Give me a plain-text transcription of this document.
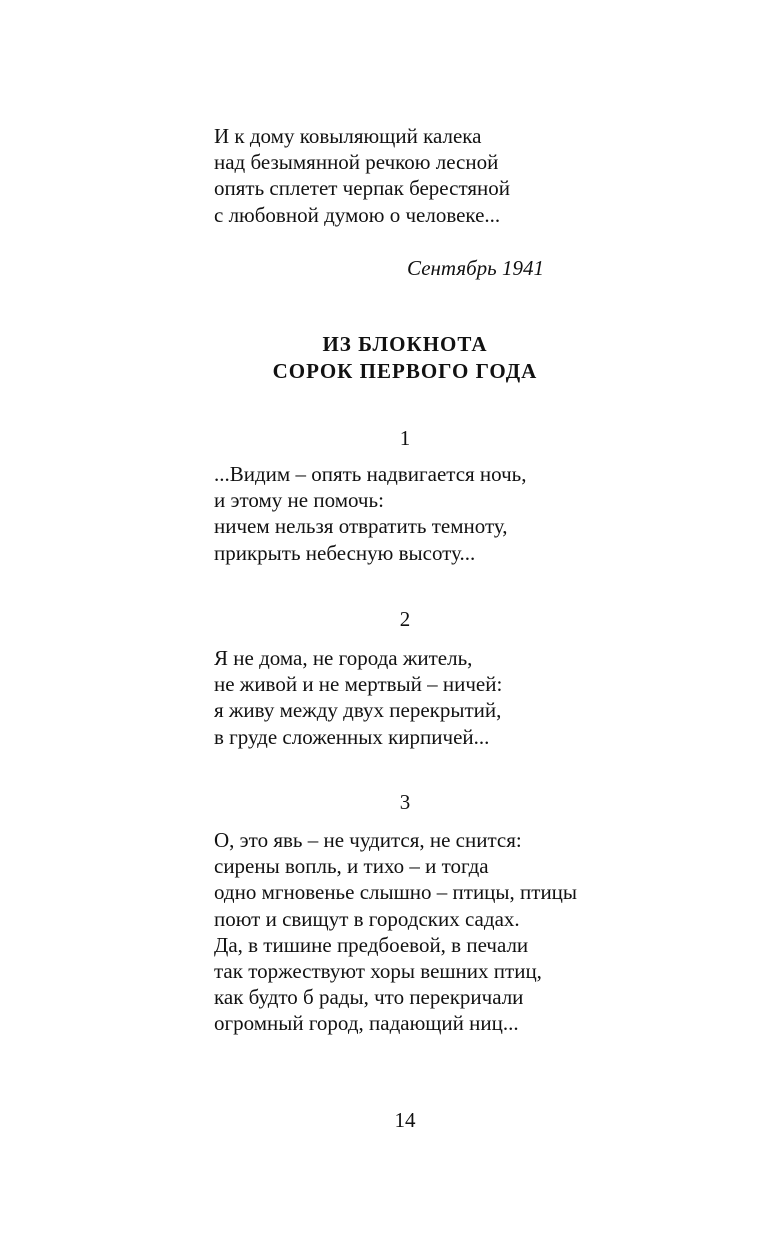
И к дому ковыляющий калека
над безымянной речкою лесной
опять сплетет черпак берестяной
с любовной думою о человеке...
Сентябрь 1941
ИЗ БЛОКНОТА
СОРОК ПЕРВОГО ГОДА
1
...Видим – опять надвигается ночь,
и этому не помочь:
ничем нельзя отвратить темноту,
прикрыть небесную высоту...
2
Я не дома, не города житель,
не живой и не мертвый – ничей:
я живу между двух перекрытий,
в груде сложенных кирпичей...
3
О, это явь – не чудится, не снится:
сирены вопль, и тихо – и тогда
одно мгновенье слышно – птицы, птицы
поют и свищут в городских садах.
Да, в тишине предбоевой, в печали
так торжествуют хоры вешних птиц,
как будто б рады, что перекричали
огромный город, падающий ниц...
14
